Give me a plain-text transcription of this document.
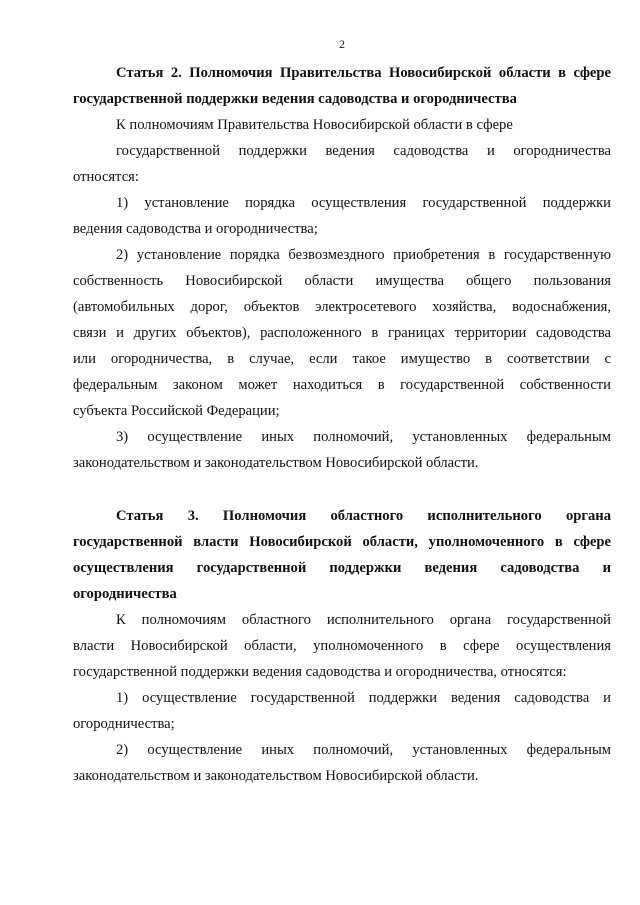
2
Статья 2. Полномочия Правительства Новосибирской области в сфере
государственной поддержки ведения садоводства и огородничества
К полномочиям Правительства Новосибирской области в сфере
государственной поддержки ведения садоводства и огородничества
относятся:
1) установление порядка осуществления государственной поддержки
ведения садоводства и огородничества;
2) установление порядка безвозмездного приобретения в государственную
собственность Новосибирской области имущества общего пользования
(автомобильных дорог, объектов электросетевого хозяйства, водоснабжения,
связи и других объектов), расположенного в границах территории садоводства
или огородничества, в случае, если такое имущество в соответствии с
федеральным законом может находиться в государственной собственности
субъекта Российской Федерации;
3) осуществление иных полномочий, установленных федеральным
законодательством и законодательством Новосибирской области.
Статья 3. Полномочия областного исполнительного органа
государственной власти Новосибирской области, уполномоченного в сфере
осуществления государственной поддержки ведения садоводства и
огородничества
К полномочиям областного исполнительного органа государственной
власти Новосибирской области, уполномоченного в сфере осуществления
государственной поддержки ведения садоводства и огородничества, относятся:
1) осуществление государственной поддержки ведения садоводства и
огородничества;
2) осуществление иных полномочий, установленных федеральным
законодательством и законодательством Новосибирской области.
